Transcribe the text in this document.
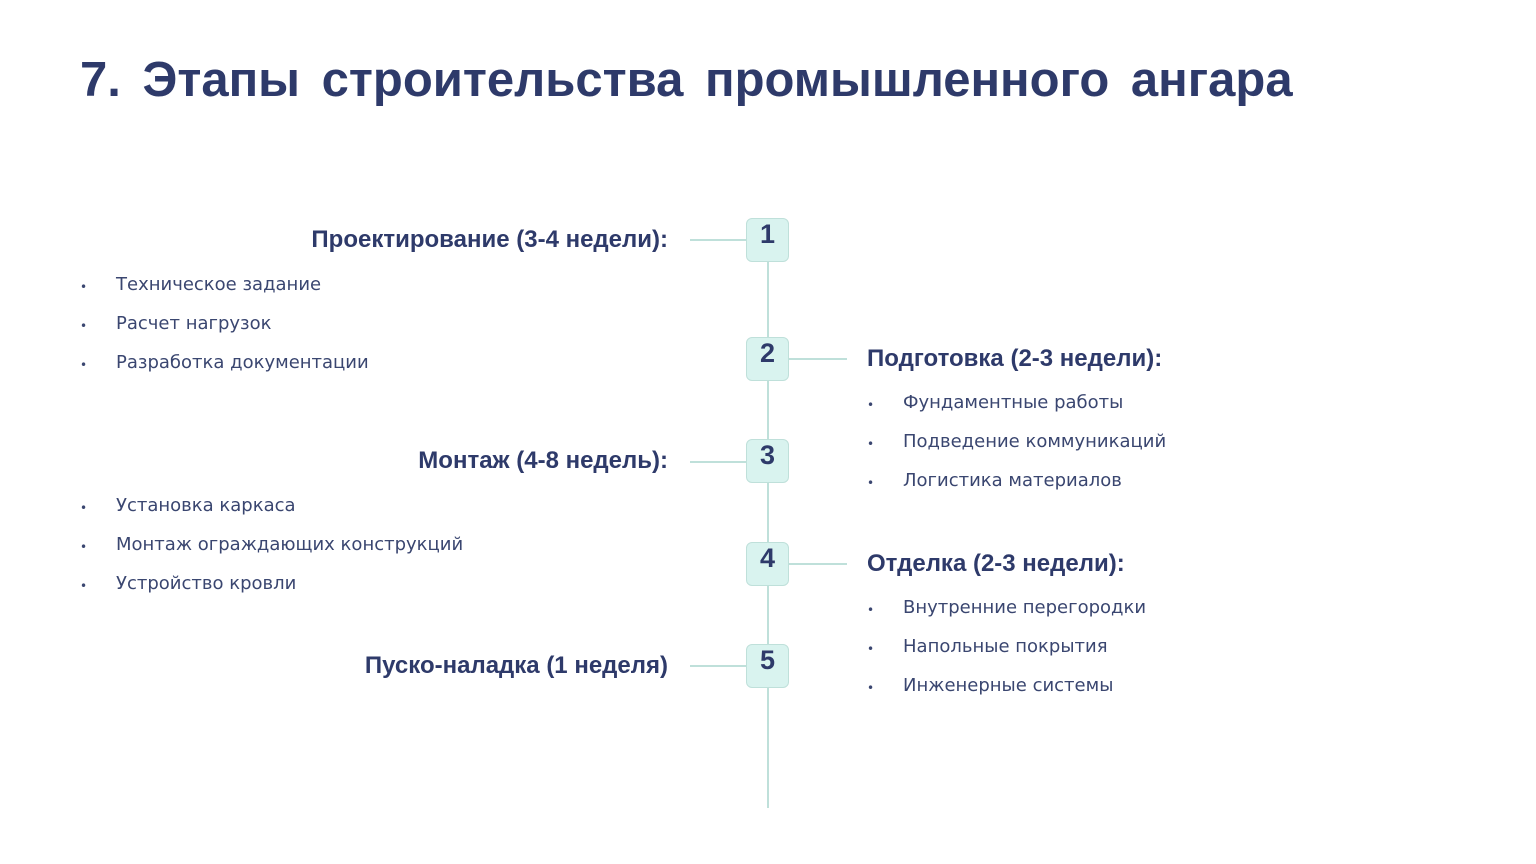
7. Этапы строительства промышленного ангара
1
Проектирование (3-4 недели):
• Техническое задание
• Расчет нагрузок
• Разработка документации	2	Подготовка (2-3 недели):
• Фундаментные работы
• Подведение коммуникаций
• Логистика материалов
3
Монтаж (4-8 недель):
• Установка каркаса
• Монтаж ограждающих конструкций
• Устройство кровли
4	Отделка (2-3 недели):
• Внутренние перегородки
• Напольные покрытия
• Инженерные системы
5
Пуско-наладка (1 неделя)
